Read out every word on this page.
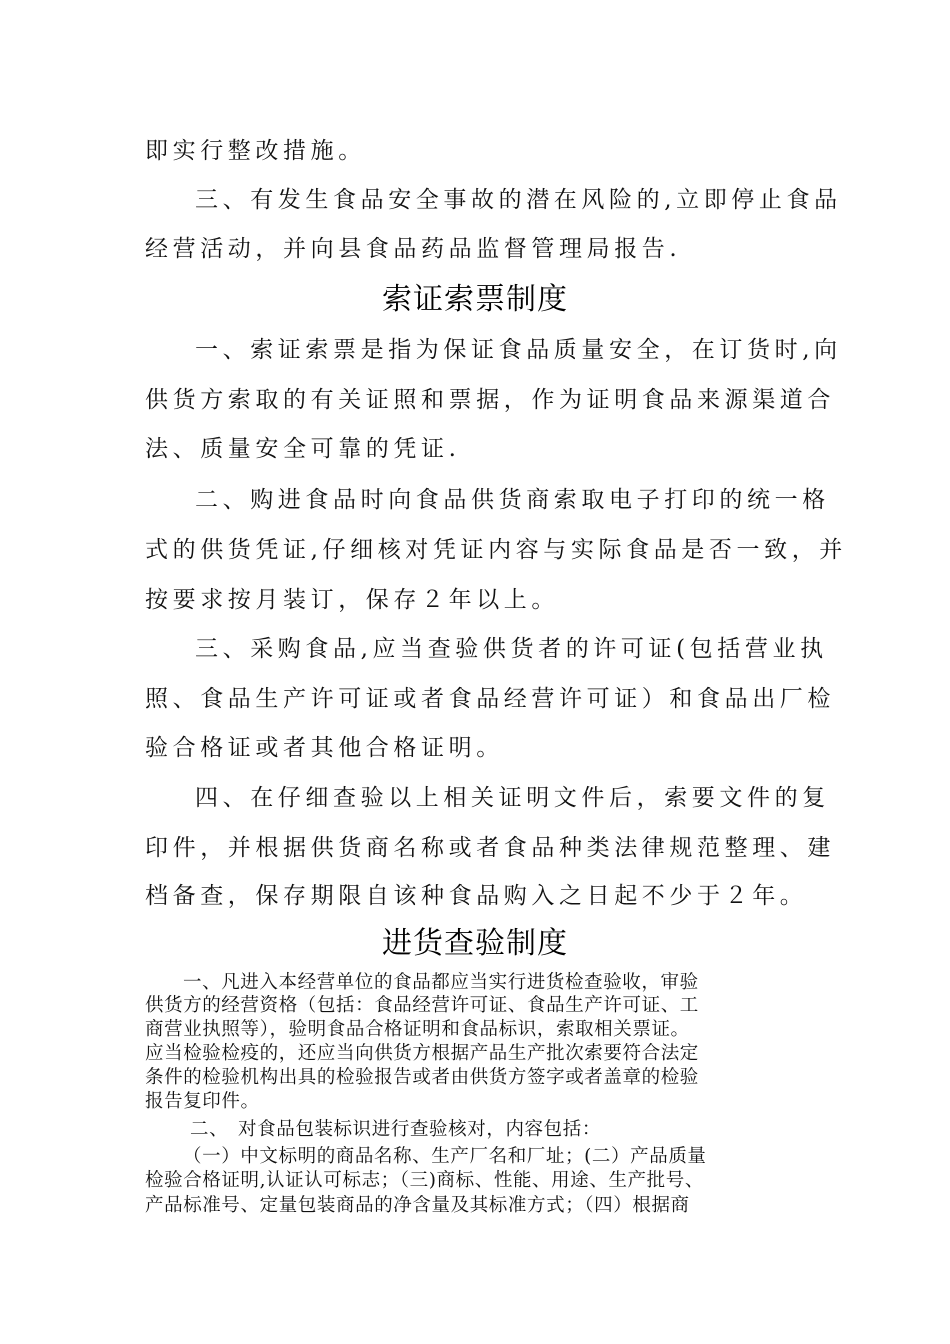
即实行整改措施。
三、有发生食品安全事故的潜在风险的,立即停止食品
经营活动，并向县食品药品监督管理局报告.
索证索票制度
一、索证索票是指为保证食品质量安全，在订货时,向
供货方索取的有关证照和票据，作为证明食品来源渠道合
法、质量安全可靠的凭证.
二、购进食品时向食品供货商索取电子打印的统一格
式的供货凭证,仔细核对凭证内容与实际食品是否一致，并
按要求按月装订，保存２年以上。
三、采购食品,应当查验供货者的许可证(包括营业执
照、食品生产许可证或者食品经营许可证）和食品出厂检
验合格证或者其他合格证明。
四、在仔细查验以上相关证明文件后，索要文件的复
印件，并根据供货商名称或者食品种类法律规范整理、建
档备查，保存期限自该种食品购入之日起不少于２年。
进货查验制度
一、凡进入本经营单位的食品都应当实行进货检查验收，审验
供货方的经营资格（包括：食品经营许可证、食品生产许可证、工
商营业执照等），验明食品合格证明和食品标识，索取相关票证。
应当检验检疫的，还应当向供货方根据产品生产批次索要符合法定
条件的检验机构出具的检验报告或者由供货方签字或者盖章的检验
报告复印件。
二、　对食品包装标识进行查验核对，内容包括：
（一）中文标明的商品名称、生产厂名和厂址；(二）产品质量
检验合格证明,认证认可标志；（三)商标、性能、用途、生产批号、
产品标准号、定量包装商品的净含量及其标准方式；（四）根据商
